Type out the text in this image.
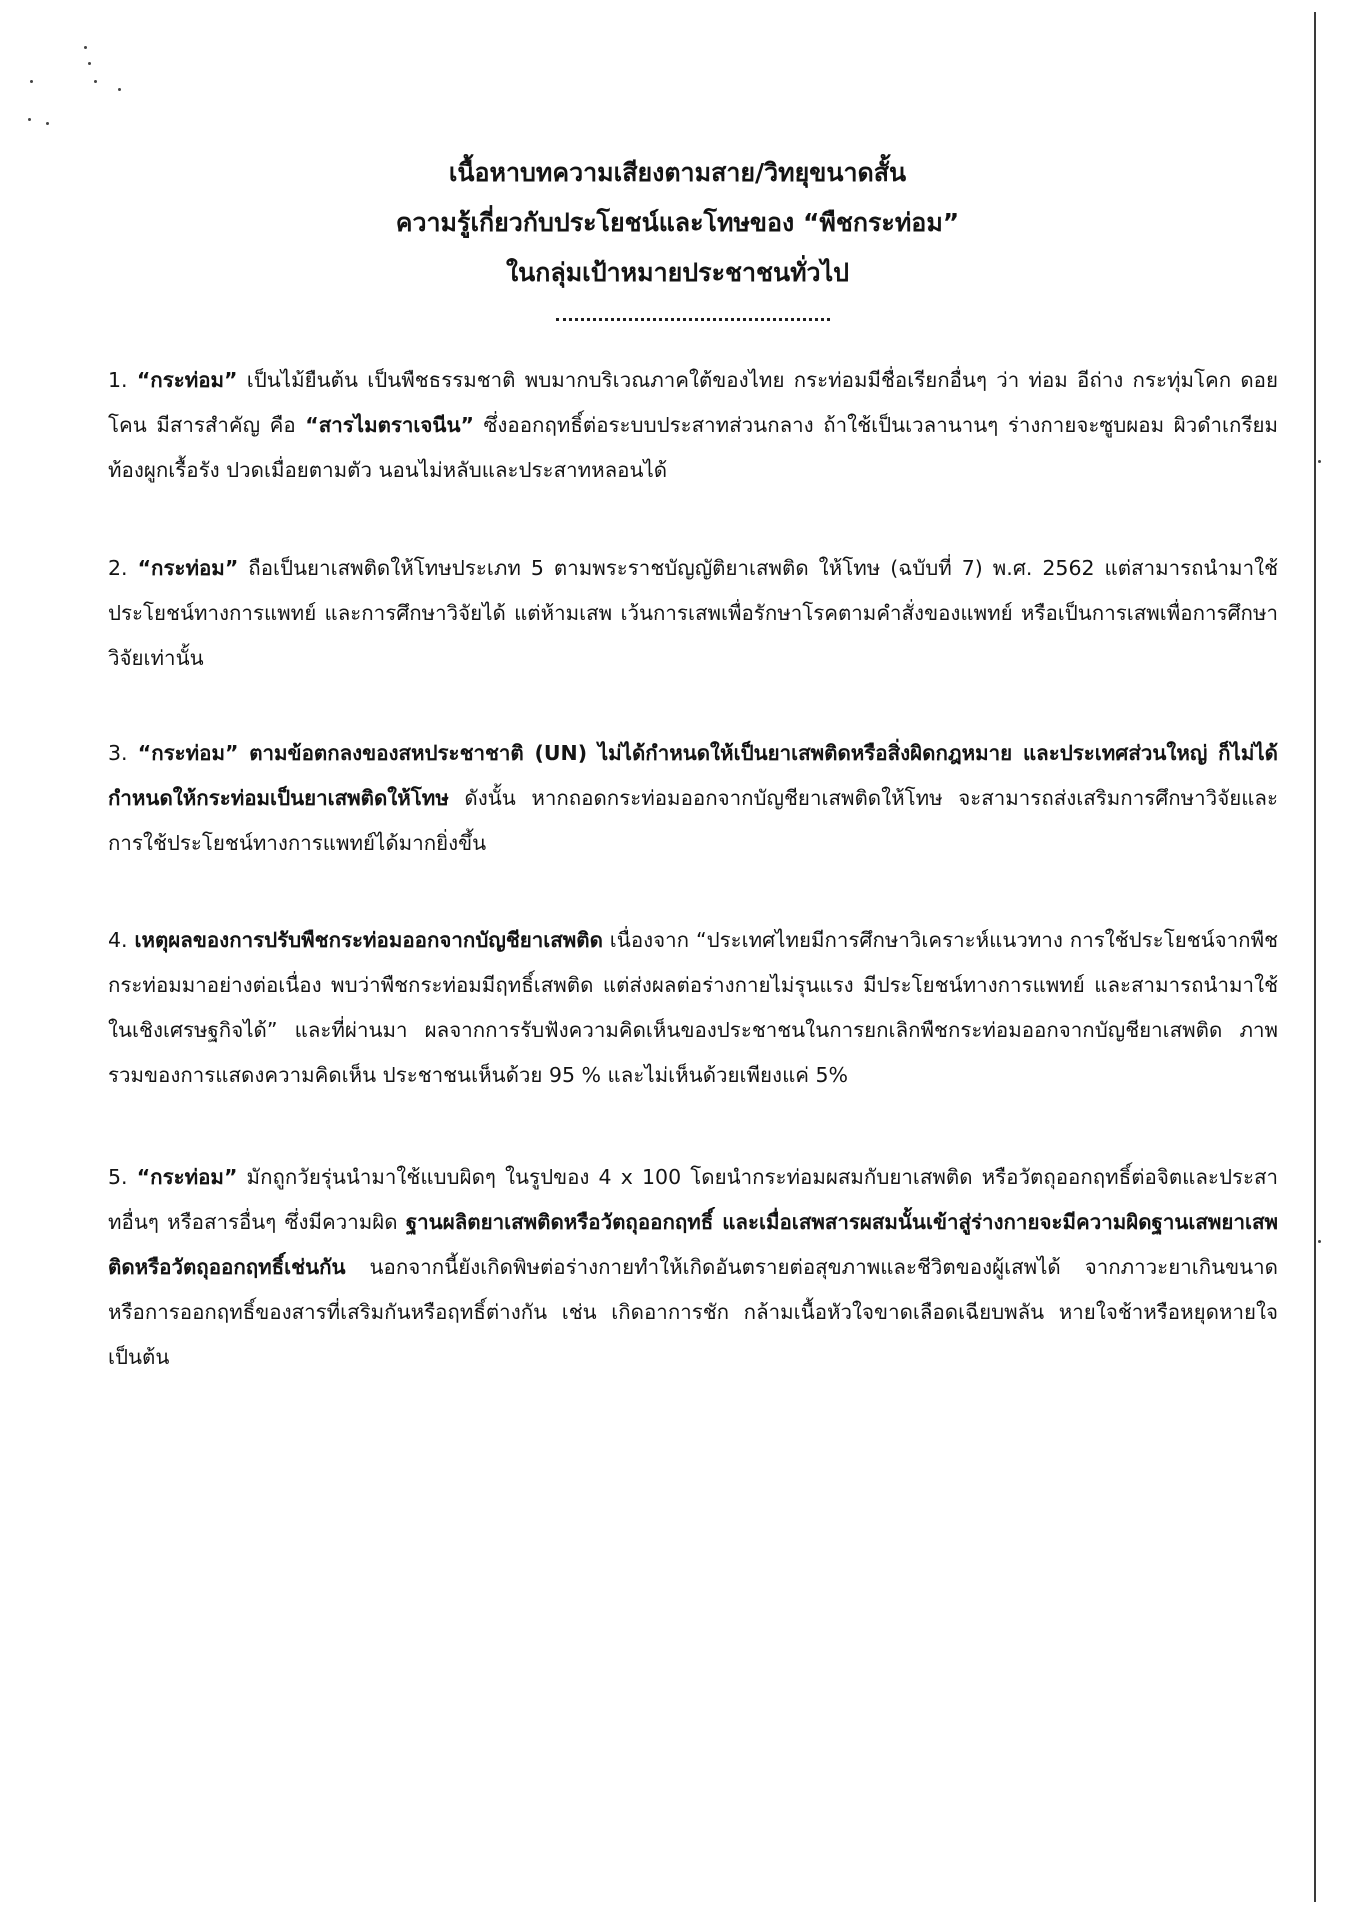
เนื้อหาบทความเสียงตามสาย/วิทยุขนาดสั้น
ความรู้เกี่ยวกับประโยชน์และโทษของ “พืชกระท่อม”
ในกลุ่มเป้าหมายประชาชนทั่วไป
1. “กระท่อม” เป็นไม้ยืนต้น เป็นพืชธรรมชาติ พบมากบริเวณภาคใต้ของไทย กระท่อมมีชื่อเรียกอื่นๆ ว่า ท่อม อีถ่าง กระทุ่มโคก ดอยโคน มีสารสำคัญ คือ “สารไมตราเจนีน” ซึ่งออกฤทธิ์ต่อระบบประสาทส่วนกลาง ถ้าใช้เป็นเวลานานๆ ร่างกายจะซูบผอม ผิวดำเกรียม ท้องผูกเรื้อรัง ปวดเมื่อยตามตัว นอนไม่หลับและประสาทหลอนได้
2. “กระท่อม” ถือเป็นยาเสพติดให้โทษประเภท 5 ตามพระราชบัญญัติยาเสพติด ให้โทษ (ฉบับที่ 7) พ.ศ. 2562 แต่สามารถนำมาใช้ประโยชน์ทางการแพทย์ และการศึกษาวิจัยได้ แต่ห้ามเสพ เว้นการเสพเพื่อรักษาโรคตามคำสั่งของแพทย์ หรือเป็นการเสพเพื่อการศึกษาวิจัยเท่านั้น
3. “กระท่อม” ตามข้อตกลงของสหประชาชาติ (UN) ไม่ได้กำหนดให้เป็นยาเสพติดหรือสิ่งผิดกฎหมาย และประเทศส่วนใหญ่ ก็ไม่ได้กำหนดให้กระท่อมเป็นยาเสพติดให้โทษ ดังนั้น หากถอดกระท่อมออกจากบัญชียาเสพติดให้โทษ จะสามารถส่งเสริมการศึกษาวิจัยและการใช้ประโยชน์ทางการแพทย์ได้มากยิ่งขึ้น
4. เหตุผลของการปรับพืชกระท่อมออกจากบัญชียาเสพติด เนื่องจาก “ประเทศไทยมีการศึกษาวิเคราะห์แนวทาง การใช้ประโยชน์จากพืชกระท่อมมาอย่างต่อเนื่อง พบว่าพืชกระท่อมมีฤทธิ์เสพติด แต่ส่งผลต่อร่างกายไม่รุนแรง มีประโยชน์ทางการแพทย์ และสามารถนำมาใช้ในเชิงเศรษฐกิจได้” และที่ผ่านมา ผลจากการรับฟังความคิดเห็นของประชาชนในการยกเลิกพืชกระท่อมออกจากบัญชียาเสพติด ภาพรวมของการแสดงความคิดเห็น ประชาชนเห็นด้วย 95 % และไม่เห็นด้วยเพียงแค่ 5%
5. “กระท่อม” มักถูกวัยรุ่นนำมาใช้แบบผิดๆ ในรูปของ 4 x 100 โดยนำกระท่อมผสมกับยาเสพติด หรือวัตถุออกฤทธิ์ต่อจิตและประสาทอื่นๆ หรือสารอื่นๆ ซึ่งมีความผิด ฐานผลิตยาเสพติดหรือวัตถุออกฤทธิ์ และเมื่อเสพสารผสมนั้นเข้าสู่ร่างกายจะมีความผิดฐานเสพยาเสพติดหรือวัตถุออกฤทธิ์เช่นกัน นอกจากนี้ยังเกิดพิษต่อร่างกายทำให้เกิดอันตรายต่อสุขภาพและชีวิตของผู้เสพได้ จากภาวะยาเกินขนาด หรือการออกฤทธิ์ของสารที่เสริมกันหรือฤทธิ์ต่างกัน เช่น เกิดอาการชัก กล้ามเนื้อหัวใจขาดเลือดเฉียบพลัน หายใจช้าหรือหยุดหายใจ เป็นต้น
